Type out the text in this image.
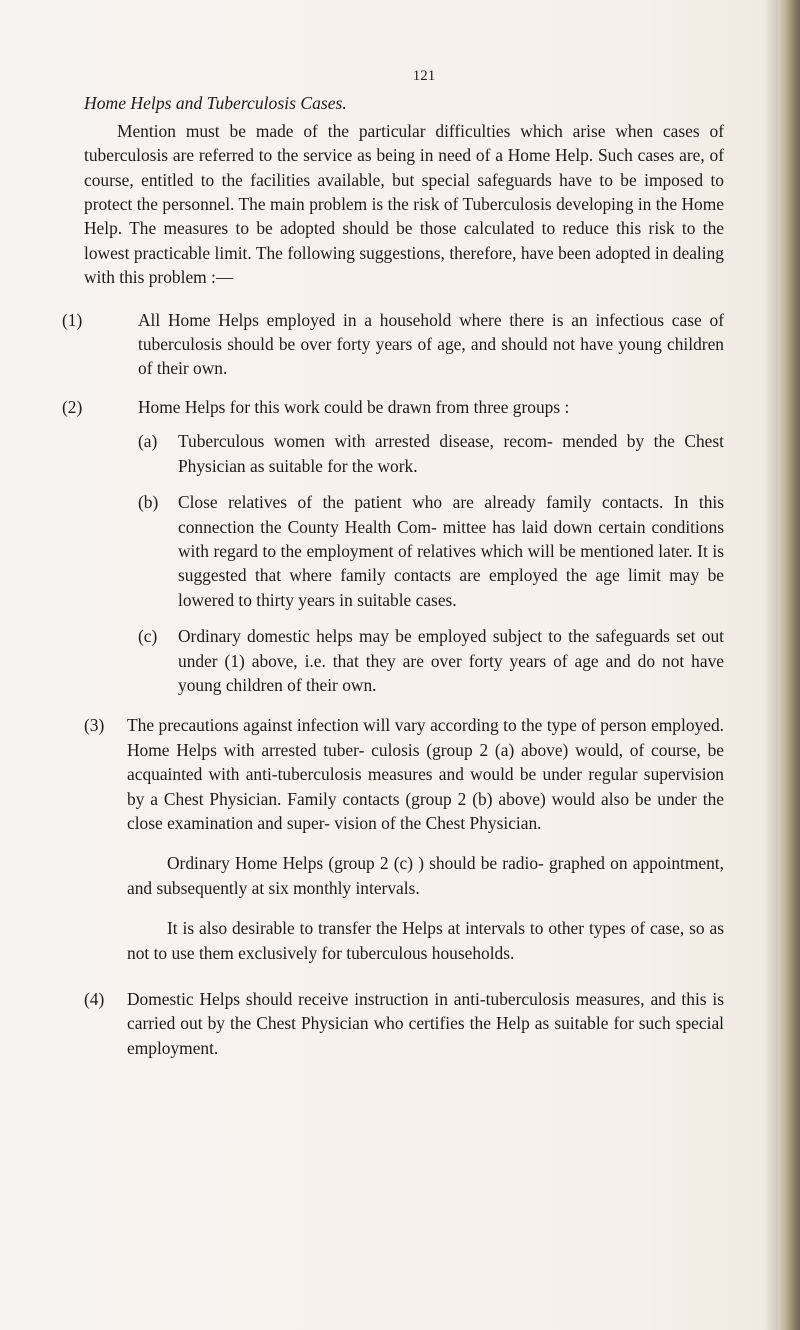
121
Home Helps and Tuberculosis Cases.

Mention must be made of the particular difficulties which arise when cases of tuberculosis are referred to the service as being in need of a Home Help. Such cases are, of course, entitled to the facilities available, but special safeguards have to be imposed to protect the personnel. The main problem is the risk of Tuberculosis developing in the Home Help. The measures to be adopted should be those calculated to reduce this risk to the lowest practicable limit. The following suggestions, therefore, have been adopted in dealing with this problem :—

(1)	All Home Helps employed in a household where there is an infectious case of tuberculosis should be over forty years of age, and should not have young children of their own.
(2)	Home Helps for this work could be drawn from three groups :
(a) Tuberculous women with arrested disease, recom- mended by the Chest Physician as suitable for the work.
(b) Close relatives of the patient who are already family contacts. In this connection the County Health Com- mittee has laid down certain conditions with regard to the employment of relatives which will be mentioned later. It is suggested that where family contacts are employed the age limit may be lowered to thirty years in suitable cases.
(c) Ordinary domestic helps may be employed subject to the safeguards set out under (1) above, i.e. that they are over forty years of age and do not have young children of their own.
(3) The precautions against infection will vary according to the type of person employed. Home Helps with arrested tuber- culosis (group 2 (a) above) would, of course, be acquainted with anti-tuberculosis measures and would be under regular supervision by a Chest Physician. Family contacts (group 2 (b) above) would also be under the close examination and super- vision of the Chest Physician.

Ordinary Home Helps (group 2 (c) ) should be radio- graphed on appointment, and subsequently at six monthly intervals.

It is also desirable to transfer the Helps at intervals to other types of case, so as not to use them exclusively for tuberculous households.

(4) Domestic Helps should receive instruction in anti-tuberculosis measures, and this is carried out by the Chest Physician who certifies the Help as suitable for such special employment.
